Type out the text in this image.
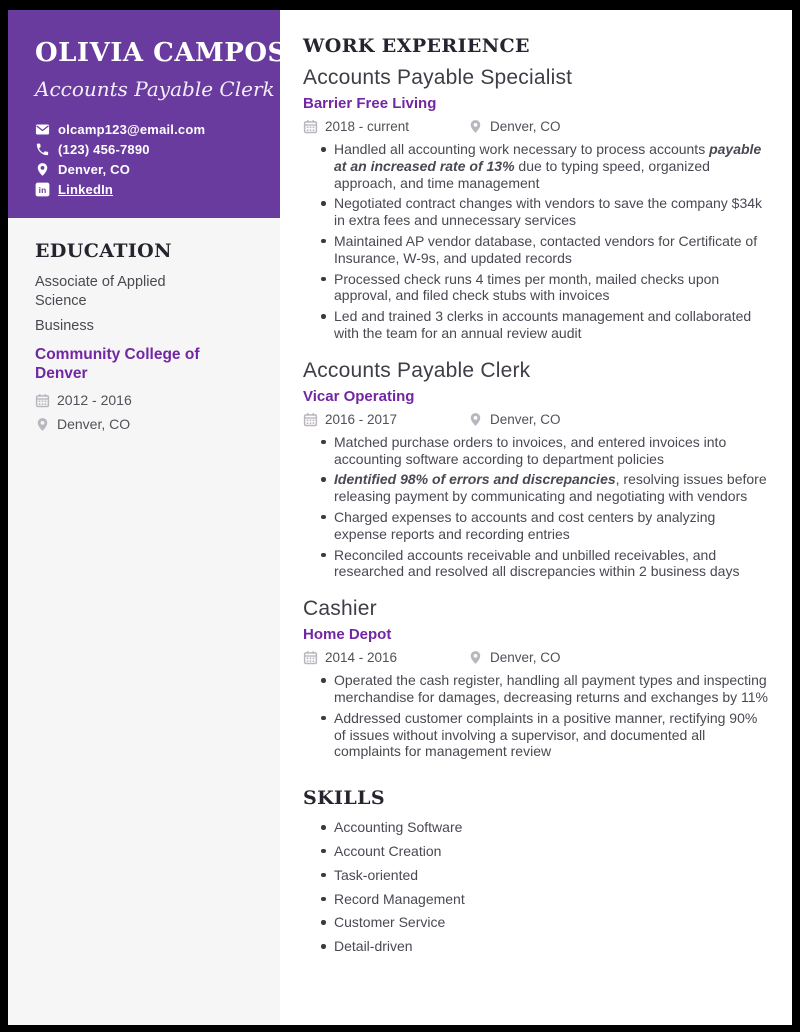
OLIVIA CAMPOS
Accounts Payable Clerk
olcamp123@email.com
(123) 456-7890
Denver, CO
LinkedIn
EDUCATION
Associate of Applied Science
Business
Community College of Denver
2012 - 2016
Denver, CO
WORK EXPERIENCE
Accounts Payable Specialist
Barrier Free Living
2018 - current	Denver, CO
Handled all accounting work necessary to process accounts payable at an increased rate of 13% due to typing speed, organized approach, and time management
Negotiated contract changes with vendors to save the company $34k in extra fees and unnecessary services
Maintained AP vendor database, contacted vendors for Certificate of Insurance, W-9s, and updated records
Processed check runs 4 times per month, mailed checks upon approval, and filed check stubs with invoices
Led and trained 3 clerks in accounts management and collaborated with the team for an annual review audit
Accounts Payable Clerk
Vicar Operating
2016 - 2017	Denver, CO
Matched purchase orders to invoices, and entered invoices into accounting software according to department policies
Identified 98% of errors and discrepancies, resolving issues before releasing payment by communicating and negotiating with vendors
Charged expenses to accounts and cost centers by analyzing expense reports and recording entries
Reconciled accounts receivable and unbilled receivables, and researched and resolved all discrepancies within 2 business days
Cashier
Home Depot
2014 - 2016	Denver, CO
Operated the cash register, handling all payment types and inspecting merchandise for damages, decreasing returns and exchanges by 11%
Addressed customer complaints in a positive manner, rectifying 90% of issues without involving a supervisor, and documented all complaints for management review
SKILLS
Accounting Software
Account Creation
Task-oriented
Record Management
Customer Service
Detail-driven
